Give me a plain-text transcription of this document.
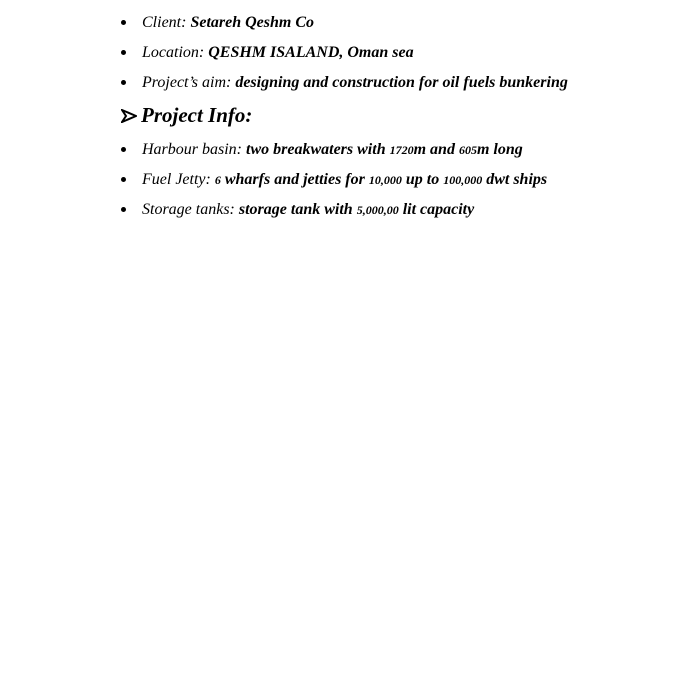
Client: Setareh Qeshm Co
Location: QESHM ISALAND, Oman sea
Project’s aim: designing and construction for oil fuels bunkering
Project Info:
Harbour basin: two breakwaters with 1720m and 605m long
Fuel Jetty: 6 wharfs and jetties for 10,000 up to 100,000 dwt ships
Storage tanks: storage tank with 5,000,00 lit capacity
